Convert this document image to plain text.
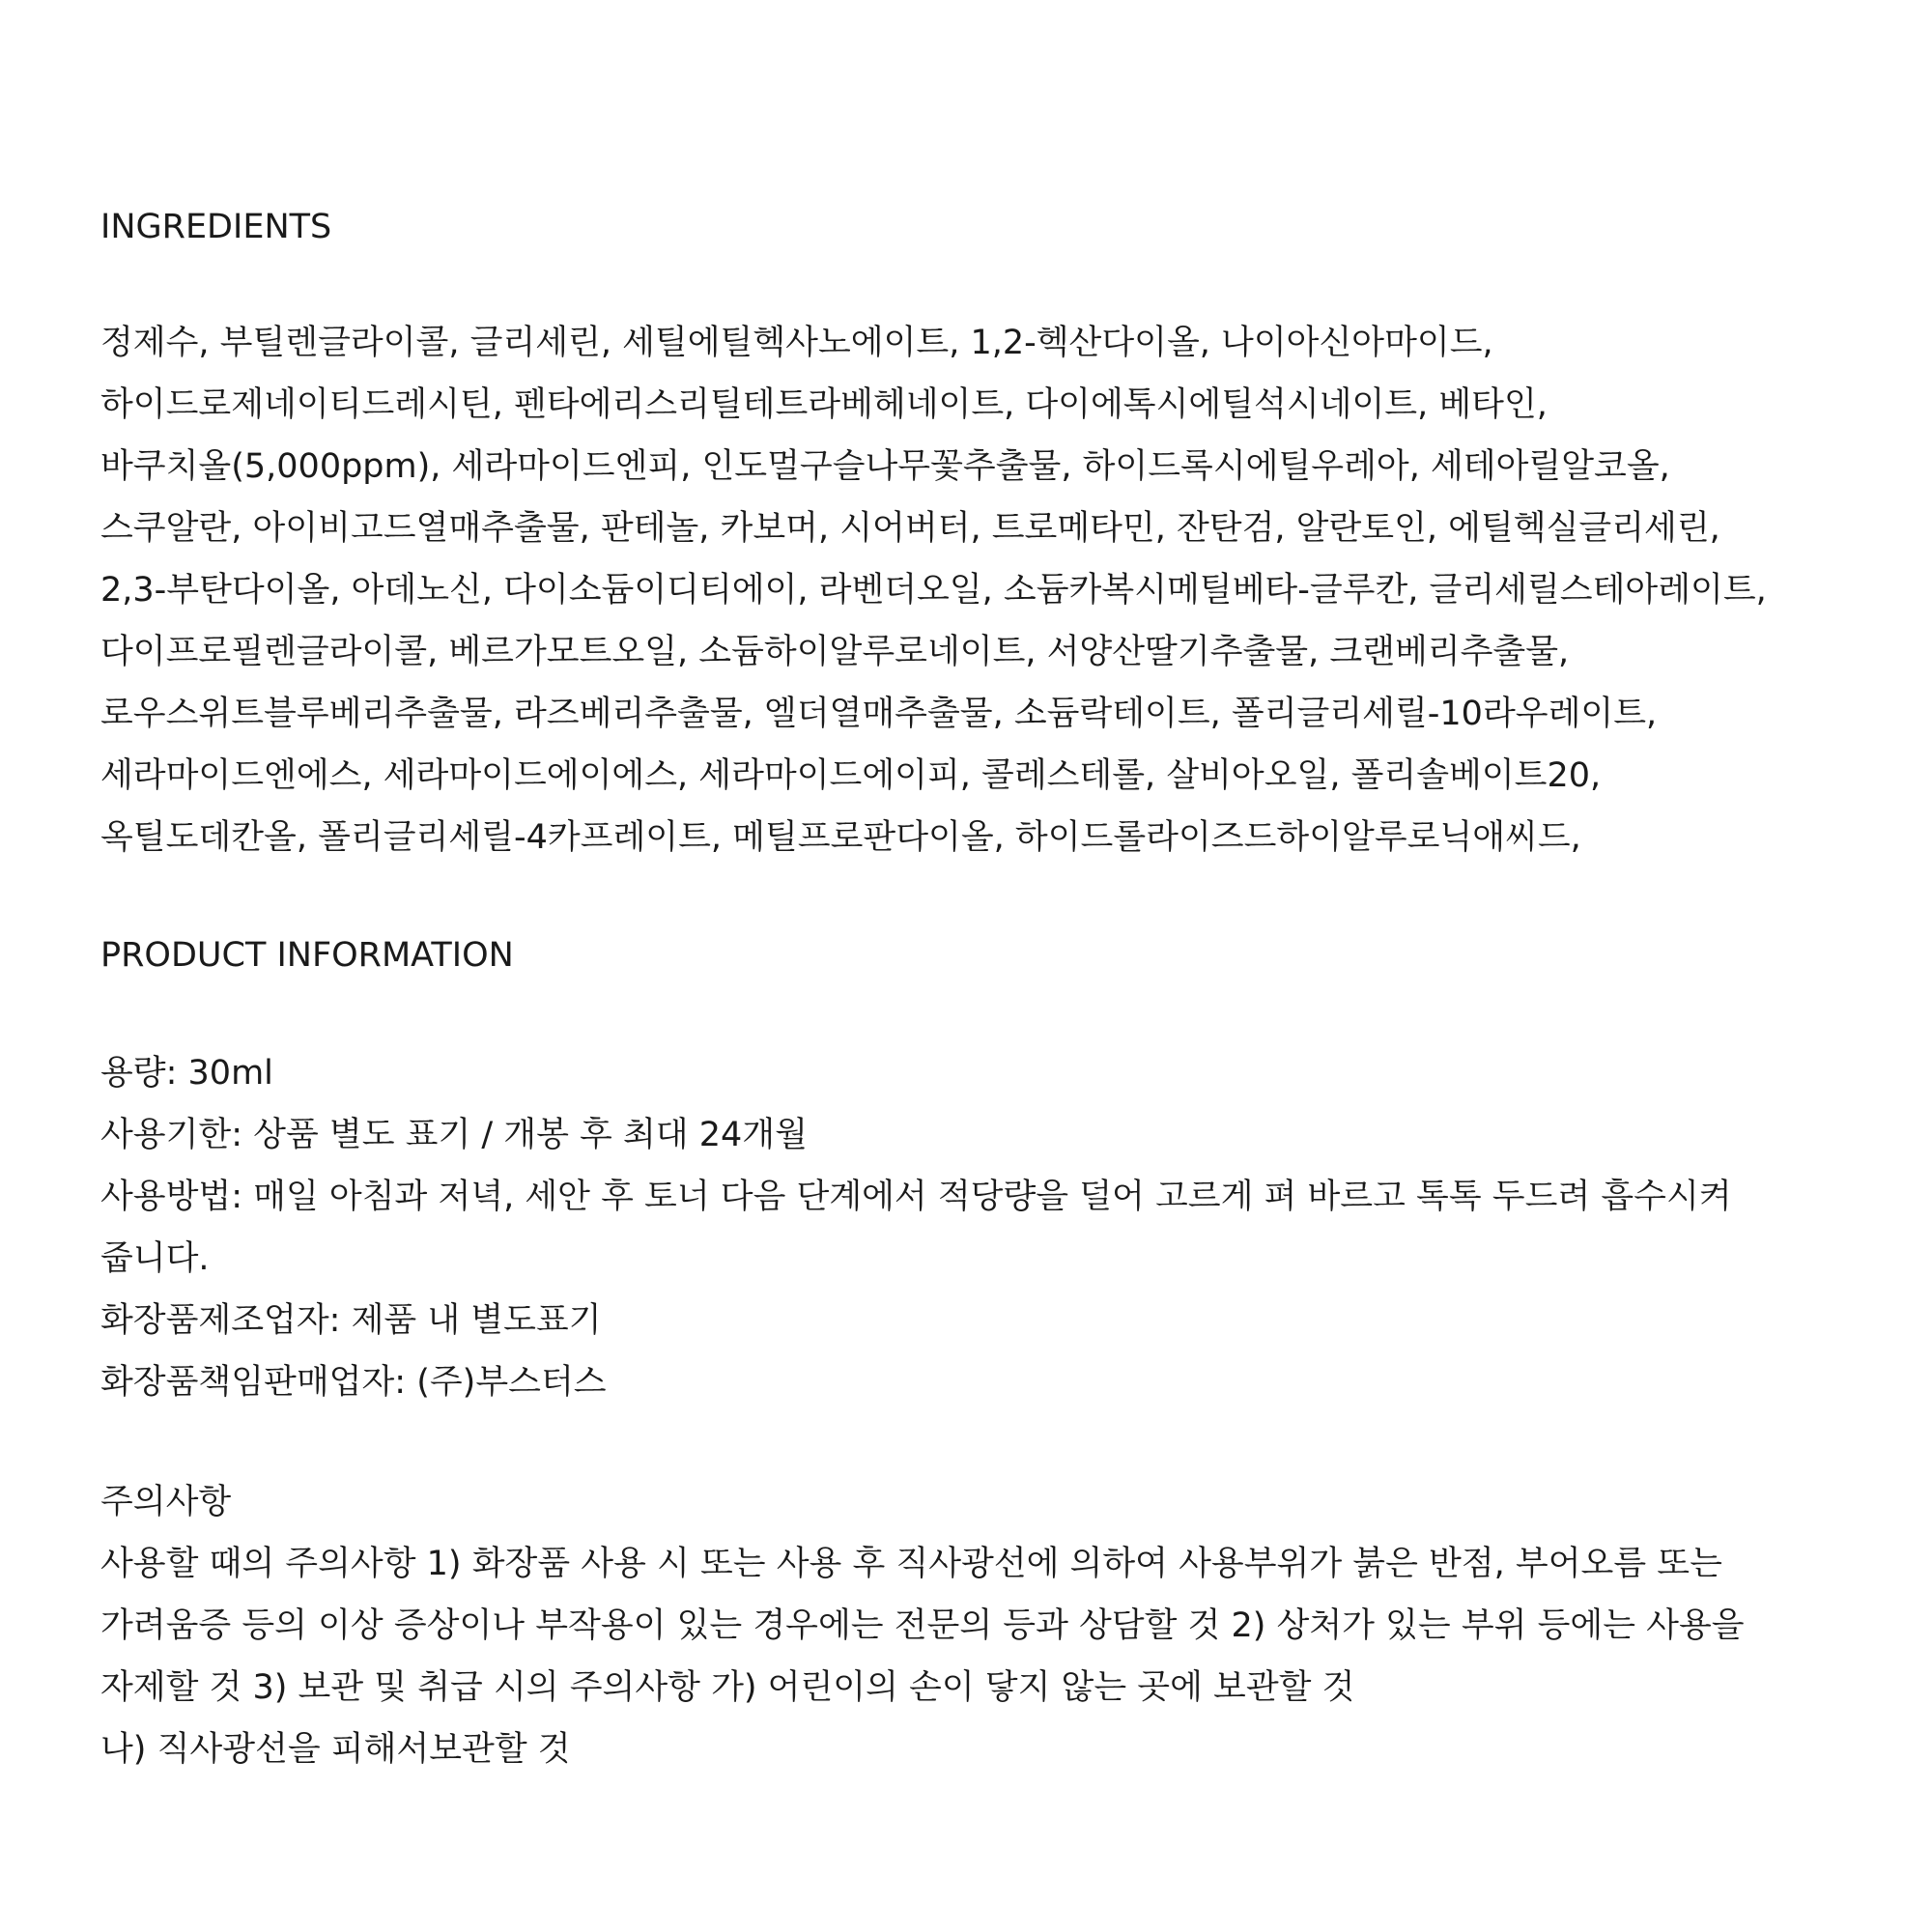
INGREDIENTS

정제수, 부틸렌글라이콜, 글리세린, 세틸에틸헥사노에이트, 1,2-헥산다이올, 나이아신아마이드,

하이드로제네이티드레시틴, 펜타에리스리틸테트라베헤네이트, 다이에톡시에틸석시네이트, 베타인,

바쿠치올(5,000ppm), 세라마이드엔피, 인도멀구슬나무꽃추출물, 하이드록시에틸우레아, 세테아릴알코올,

스쿠알란, 아이비고드열매추출물, 판테놀, 카보머, 시어버터, 트로메타민, 잔탄검, 알란토인, 에틸헥실글리세린,

2,3-부탄다이올, 아데노신, 다이소듐이디티에이, 라벤더오일, 소듐카복시메틸베타-글루칸, 글리세릴스테아레이트,

다이프로필렌글라이콜, 베르가모트오일, 소듐하이알루로네이트, 서양산딸기추출물, 크랜베리추출물,

로우스위트블루베리추출물, 라즈베리추출물, 엘더열매추출물, 소듐락테이트, 폴리글리세릴-10라우레이트,

세라마이드엔에스, 세라마이드에이에스, 세라마이드에이피, 콜레스테롤, 살비아오일, 폴리솔베이트20,

옥틸도데칸올, 폴리글리세릴-4카프레이트, 메틸프로판다이올, 하이드롤라이즈드하이알루로닉애씨드,

PRODUCT INFORMATION

용량: 30ml

사용기한: 상품 별도 표기 / 개봉 후 최대 24개월

사용방법: 매일 아침과 저녁, 세안 후 토너 다음 단계에서 적당량을 덜어 고르게 펴 바르고 톡톡 두드려 흡수시켜

줍니다.

화장품제조업자: 제품 내 별도표기

화장품책임판매업자: (주)부스터스

주의사항

사용할 때의 주의사항 1) 화장품 사용 시 또는 사용 후 직사광선에 의하여 사용부위가 붉은 반점, 부어오름 또는

가려움증 등의 이상 증상이나 부작용이 있는 경우에는 전문의 등과 상담할 것 2) 상처가 있는 부위 등에는 사용을

자제할 것 3) 보관 및 취급 시의 주의사항 가) 어린이의 손이 닿지 않는 곳에 보관할 것

나) 직사광선을 피해서보관할 것
